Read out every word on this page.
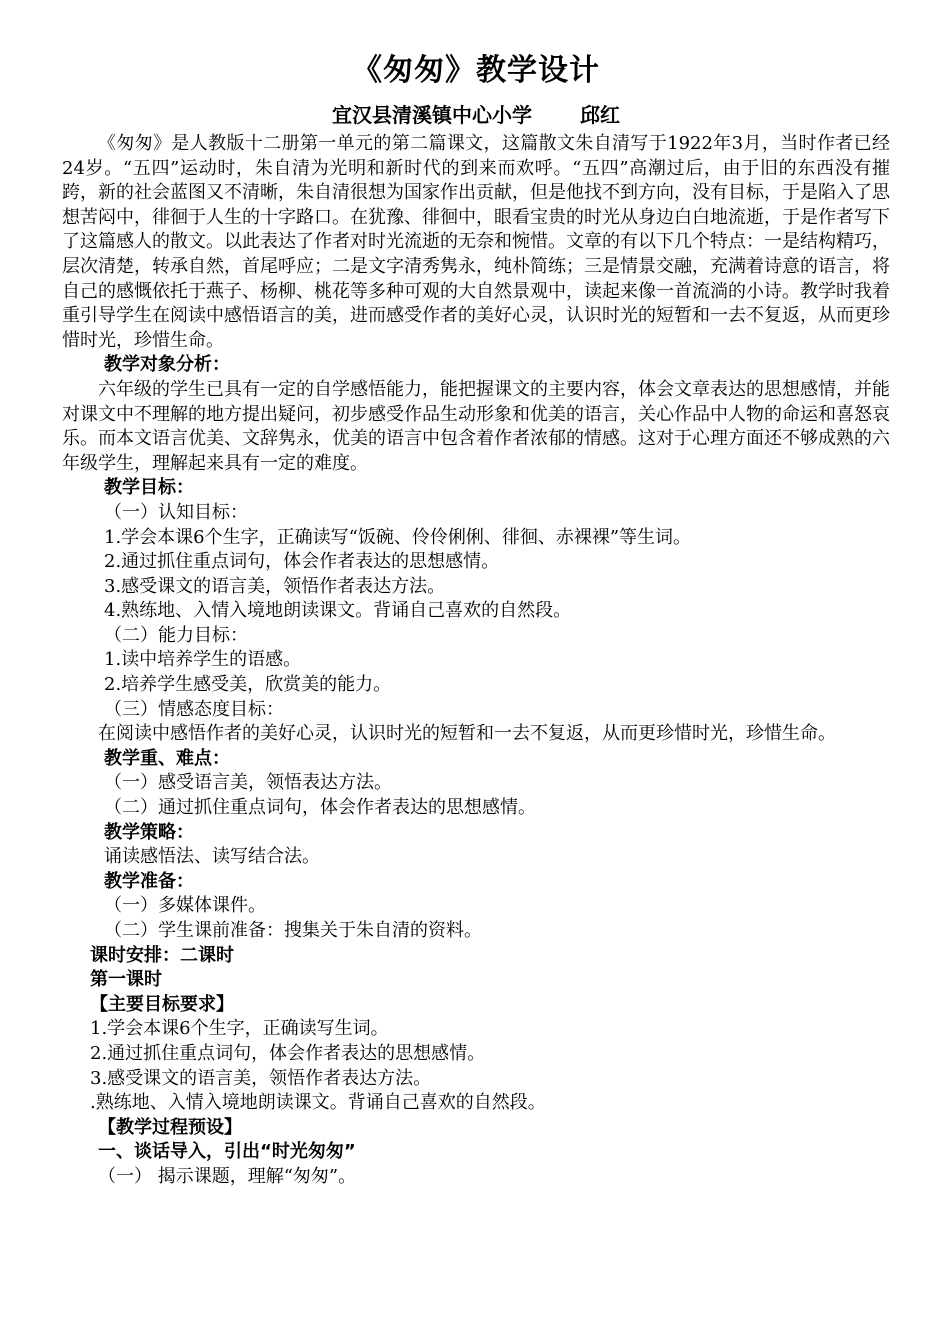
《匆匆》教学设计
宜汉县清溪镇中心小学 邱红

《匆匆》是人教版十二册第一单元的第二篇课文，这篇散文朱自清写于1922年3月，当时作者已经24岁。“五四”运动时，朱自清为光明和新时代的到来而欢呼。“五四”高潮过后，由于旧的东西没有摧跨，新的社会蓝图又不清晰，朱自清很想为国家作出贡献，但是他找不到方向，没有目标，于是陷入了思想苦闷中，徘徊于人生的十字路口。在犹豫、徘徊中，眼看宝贵的时光从身边白白地流逝，于是作者写下了这篇感人的散文。以此表达了作者对时光流逝的无奈和惋惜。文章的有以下几个特点：一是结构精巧，层次清楚，转承自然，首尾呼应；二是文字清秀隽永，纯朴简练；三是情景交融，充满着诗意的语言，将自己的感慨依托于燕子、杨柳、桃花等多种可观的大自然景观中，读起来像一首流淌的小诗。教学时我着重引导学生在阅读中感悟语言的美，进而感受作者的美好心灵，认识时光的短暂和一去不复返，从而更珍惜时光，珍惜生命。

教学对象分析：

六年级的学生已具有一定的自学感悟能力，能把握课文的主要内容，体会文章表达的思想感情，并能对课文中不理解的地方提出疑问，初步感受作品生动形象和优美的语言，关心作品中人物的命运和喜怒哀乐。而本文语言优美、文辞隽永，优美的语言中包含着作者浓郁的情感。这对于心理方面还不够成熟的六年级学生，理解起来具有一定的难度。

教学目标：

（一）认知目标：

1.学会本课6个生字，正确读写“饭碗、伶伶俐俐、徘徊、赤裸裸”等生词。

2.通过抓住重点词句，体会作者表达的思想感情。

3.感受课文的语言美，领悟作者表达方法。

4.熟练地、入情入境地朗读课文。背诵自己喜欢的自然段。

（二）能力目标：

1.读中培养学生的语感。

2.培养学生感受美，欣赏美的能力。

（三）情感态度目标：

在阅读中感悟作者的美好心灵，认识时光的短暂和一去不复返，从而更珍惜时光，珍惜生命。

教学重、难点：

（一）感受语言美，领悟表达方法。

（二）通过抓住重点词句，体会作者表达的思想感情。

教学策略：

诵读感悟法、读写结合法。

教学准备：

（一）多媒体课件。

（二）学生课前准备：搜集关于朱自清的资料。

课时安排：二课时

第一课时

【主要目标要求】

1.学会本课6个生字，正确读写生词。

2.通过抓住重点词句，体会作者表达的思想感情。

3.感受课文的语言美，领悟作者表达方法。

.熟练地、入情入境地朗读课文。背诵自己喜欢的自然段。

【教学过程预设】

一、谈话导入，引出“时光匆匆”

（一） 揭示课题，理解“匆匆”。
